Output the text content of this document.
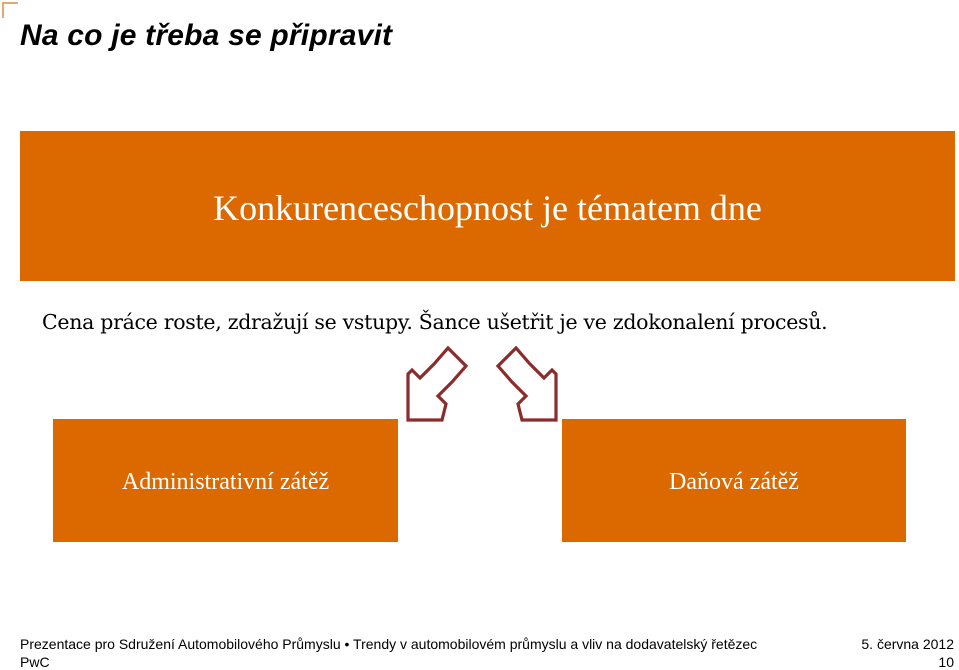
Na co je třeba se připravit
Konkurenceschopnost je tématem dne
Cena práce roste, zdražují se vstupy. Šance ušetřit je ve zdokonalení procesů.
Administrativní zátěž	Daňová zátěž
Prezentace pro Sdružení Automobilového Průmyslu • Trendy v automobilovém průmyslu a vliv na dodavatelský řetězec	5. června 2012
PwC	10
